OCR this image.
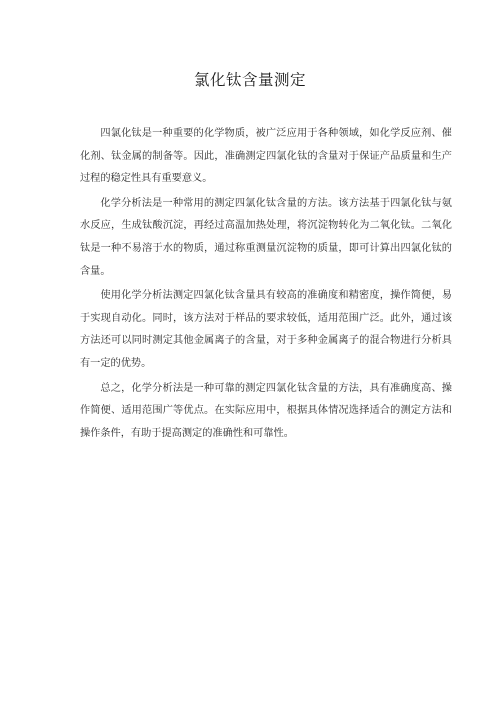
氯化钛含量测定

四氯化钛是一种重要的化学物质，被广泛应用于各种领域，如化学反应剂、催化剂、钛金属的制备等。因此，准确测定四氯化钛的含量对于保证产品质量和生产过程的稳定性具有重要意义。

化学分析法是一种常用的测定四氯化钛含量的方法。该方法基于四氯化钛与氨水反应，生成钛酸沉淀，再经过高温加热处理，将沉淀物转化为二氧化钛。二氧化钛是一种不易溶于水的物质，通过称重测量沉淀物的质量，即可计算出四氯化钛的含量。

使用化学分析法测定四氯化钛含量具有较高的准确度和精密度，操作简便，易于实现自动化。同时，该方法对于样品的要求较低，适用范围广泛。此外，通过该方法还可以同时测定其他金属离子的含量，对于多种金属离子的混合物进行分析具有一定的优势。

总之，化学分析法是一种可靠的测定四氯化钛含量的方法，具有准确度高、操作简便、适用范围广等优点。在实际应用中，根据具体情况选择适合的测定方法和操作条件，有助于提高测定的准确性和可靠性。
